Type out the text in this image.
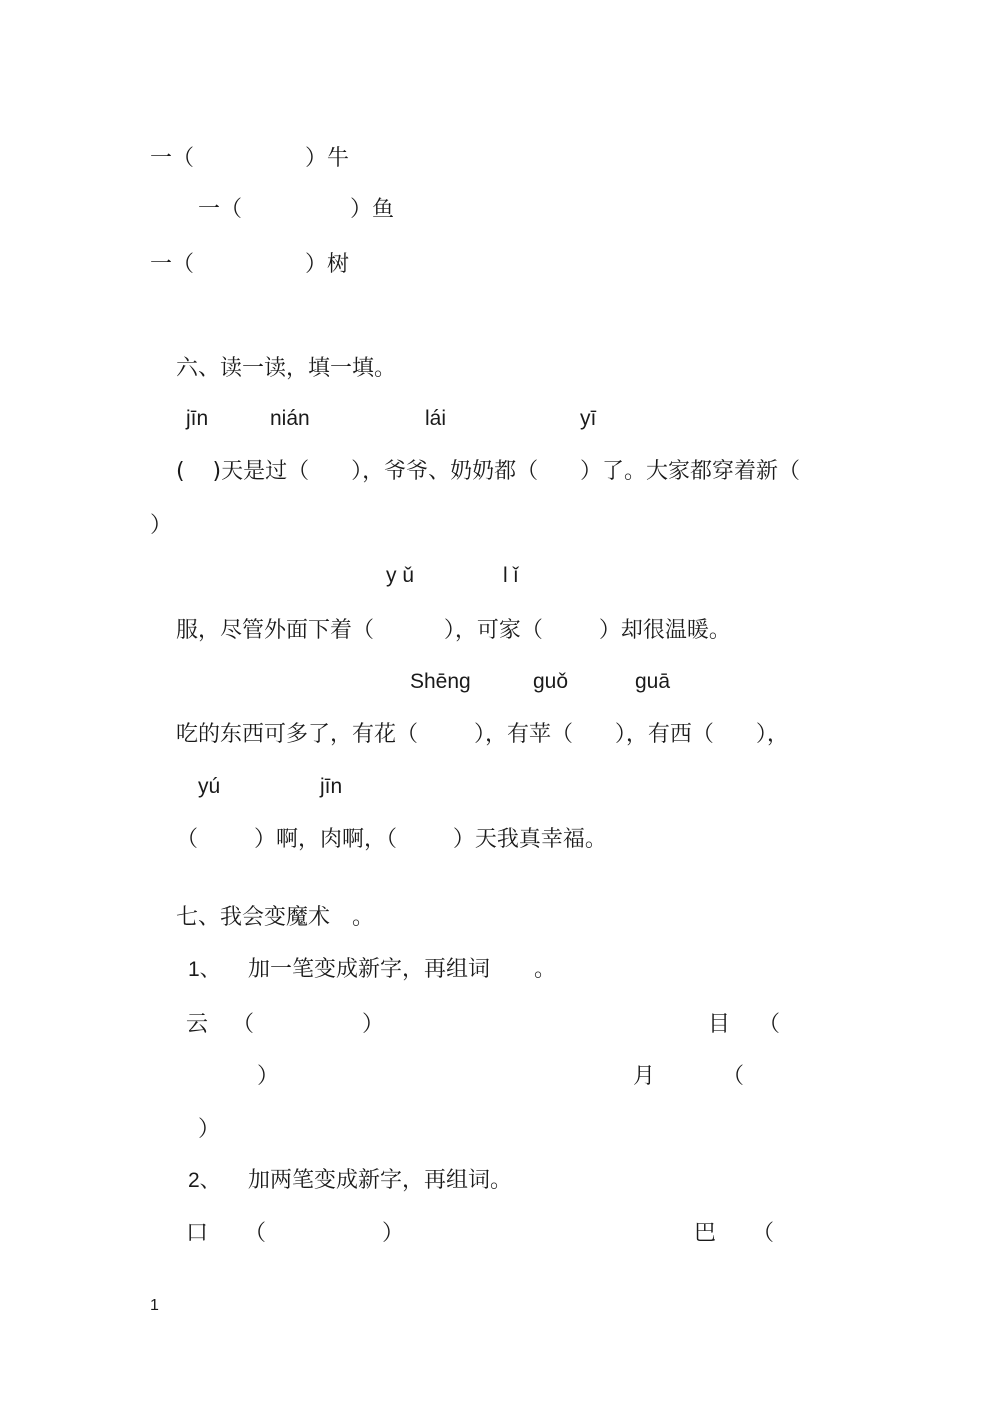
一（	）牛
一（	）鱼
一（	）树
六、读一读，填一填。
jīn	nián	lái	yī
(    )天是过（      ），爷爷、奶奶都（      ）了。大家都穿着新（
）
y ǔ	l ǐ
服，尽管外面下着（          ），可家（        ）却很温暖。
Shēng	guǒ	guā
吃的东西可多了，有花（        ），有苹（      ），有西（      ），
yú	jīn
（        ）啊，肉啊，（        ）天我真幸福。
七、我会变魔术　。
1、 加一笔变成新字，再组词　　。
云 （	）	目 （
）	月	（
）
2、 加两笔变成新字，再组词。
口 （	）	巴 （
1
